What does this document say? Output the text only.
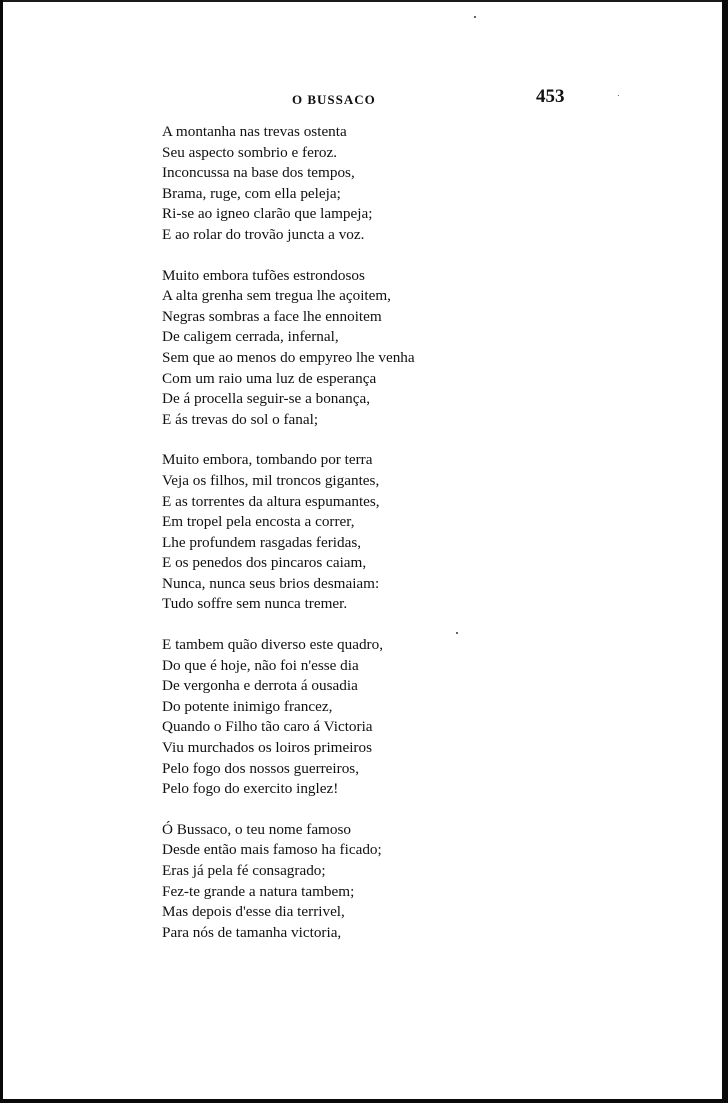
O BUSSACO	453
A montanha nas trevas ostenta
Seu aspecto sombrio e feroz.
Inconcussa na base dos tempos,
Brama, ruge, com ella peleja;
Ri-se ao igneo clarão que lampeja;
E ao rolar do trovão juncta a voz.
Muito embora tufões estrondosos
A alta grenha sem tregua lhe açoitem,
Negras sombras a face lhe ennoitem
De caligem cerrada, infernal,
Sem que ao menos do empyreo lhe venha
Com um raio uma luz de esperança
De á procella seguir-se a bonança,
E ás trevas do sol o fanal;
Muito embora, tombando por terra
Veja os filhos, mil troncos gigantes,
E as torrentes da altura espumantes,
Em tropel pela encosta a correr,
Lhe profundem rasgadas feridas,
E os penedos dos pincaros caiam,
Nunca, nunca seus brios desmaiam:
Tudo soffre sem nunca tremer.
E tambem quão diverso este quadro,
Do que é hoje, não foi n'esse dia
De vergonha e derrota á ousadia
Do potente inimigo francez,
Quando o Filho tão caro á Victoria
Viu murchados os loiros primeiros
Pelo fogo dos nossos guerreiros,
Pelo fogo do exercito inglez!
Ó Bussaco, o teu nome famoso
Desde então mais famoso ha ficado;
Eras já pela fé consagrado;
Fez-te grande a natura tambem;
Mas depois d'esse dia terrivel,
Para nós de tamanha victoria,
